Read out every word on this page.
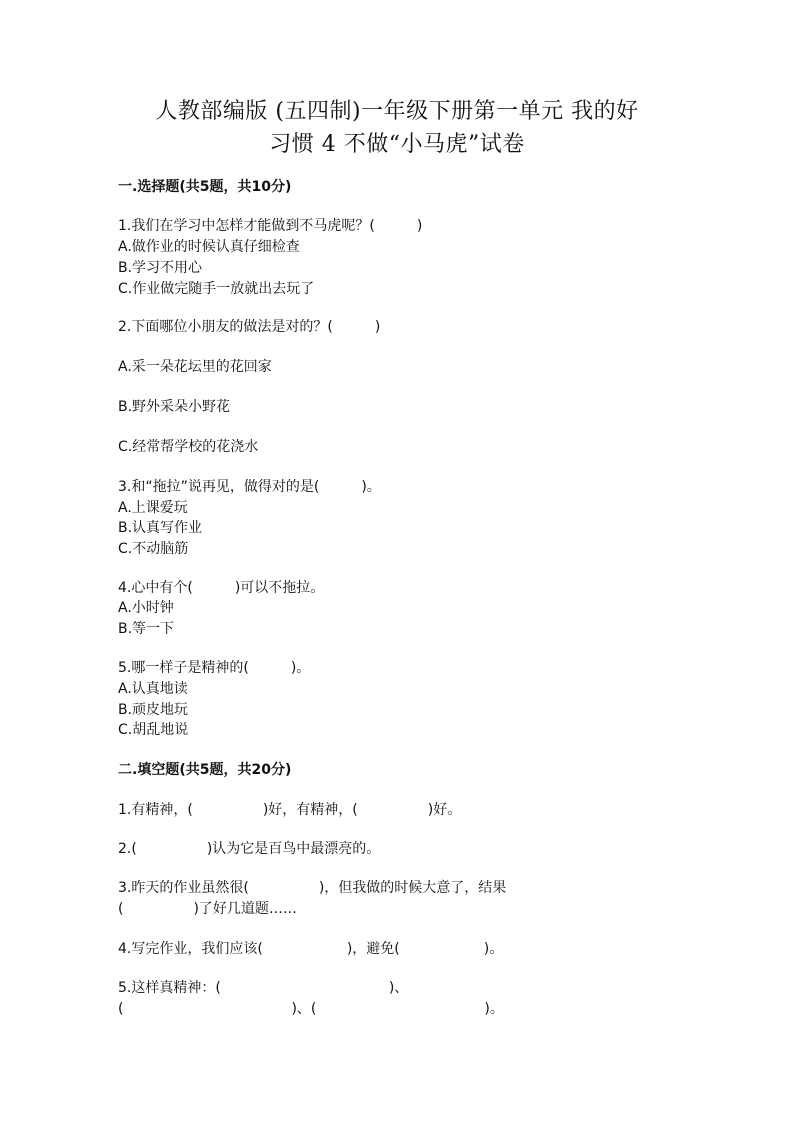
人教部编版 (五四制)一年级下册第一单元 我的好
习惯 4 不做“小马虎”试卷
一.选择题(共5题，共10分)
1.我们在学习中怎样才能做到不马虎呢？(　　　)
A.做作业的时候认真仔细检查
B.学习不用心
C.作业做完随手一放就出去玩了
2.下面哪位小朋友的做法是对的？(　　　)
A.采一朵花坛里的花回家
B.野外采朵小野花
C.经常帮学校的花浇水
3.和“拖拉”说再见，做得对的是(　　　)。
A.上课爱玩
B.认真写作业
C.不动脑筋
4.心中有个(　　　)可以不拖拉。
A.小时钟
B.等一下
5.哪一样子是精神的(　　　)。
A.认真地读
B.顽皮地玩
C.胡乱地说
二.填空题(共5题，共20分)
1.有精神，(　　　　　)好，有精神，(　　　　　)好。
2.(　　　　　)认为它是百鸟中最漂亮的。
3.昨天的作业虽然很(　　　　　)，但我做的时候大意了，结果
(　　　　　)了好几道题……
4.写完作业，我们应该(　　　　　　)，避免(　　　　　　)。
5.这样真精神：(　　　　　　　　　　　　)、
(　　　　　　　　　　　　)、(　　　　　　　　　　　　)。
